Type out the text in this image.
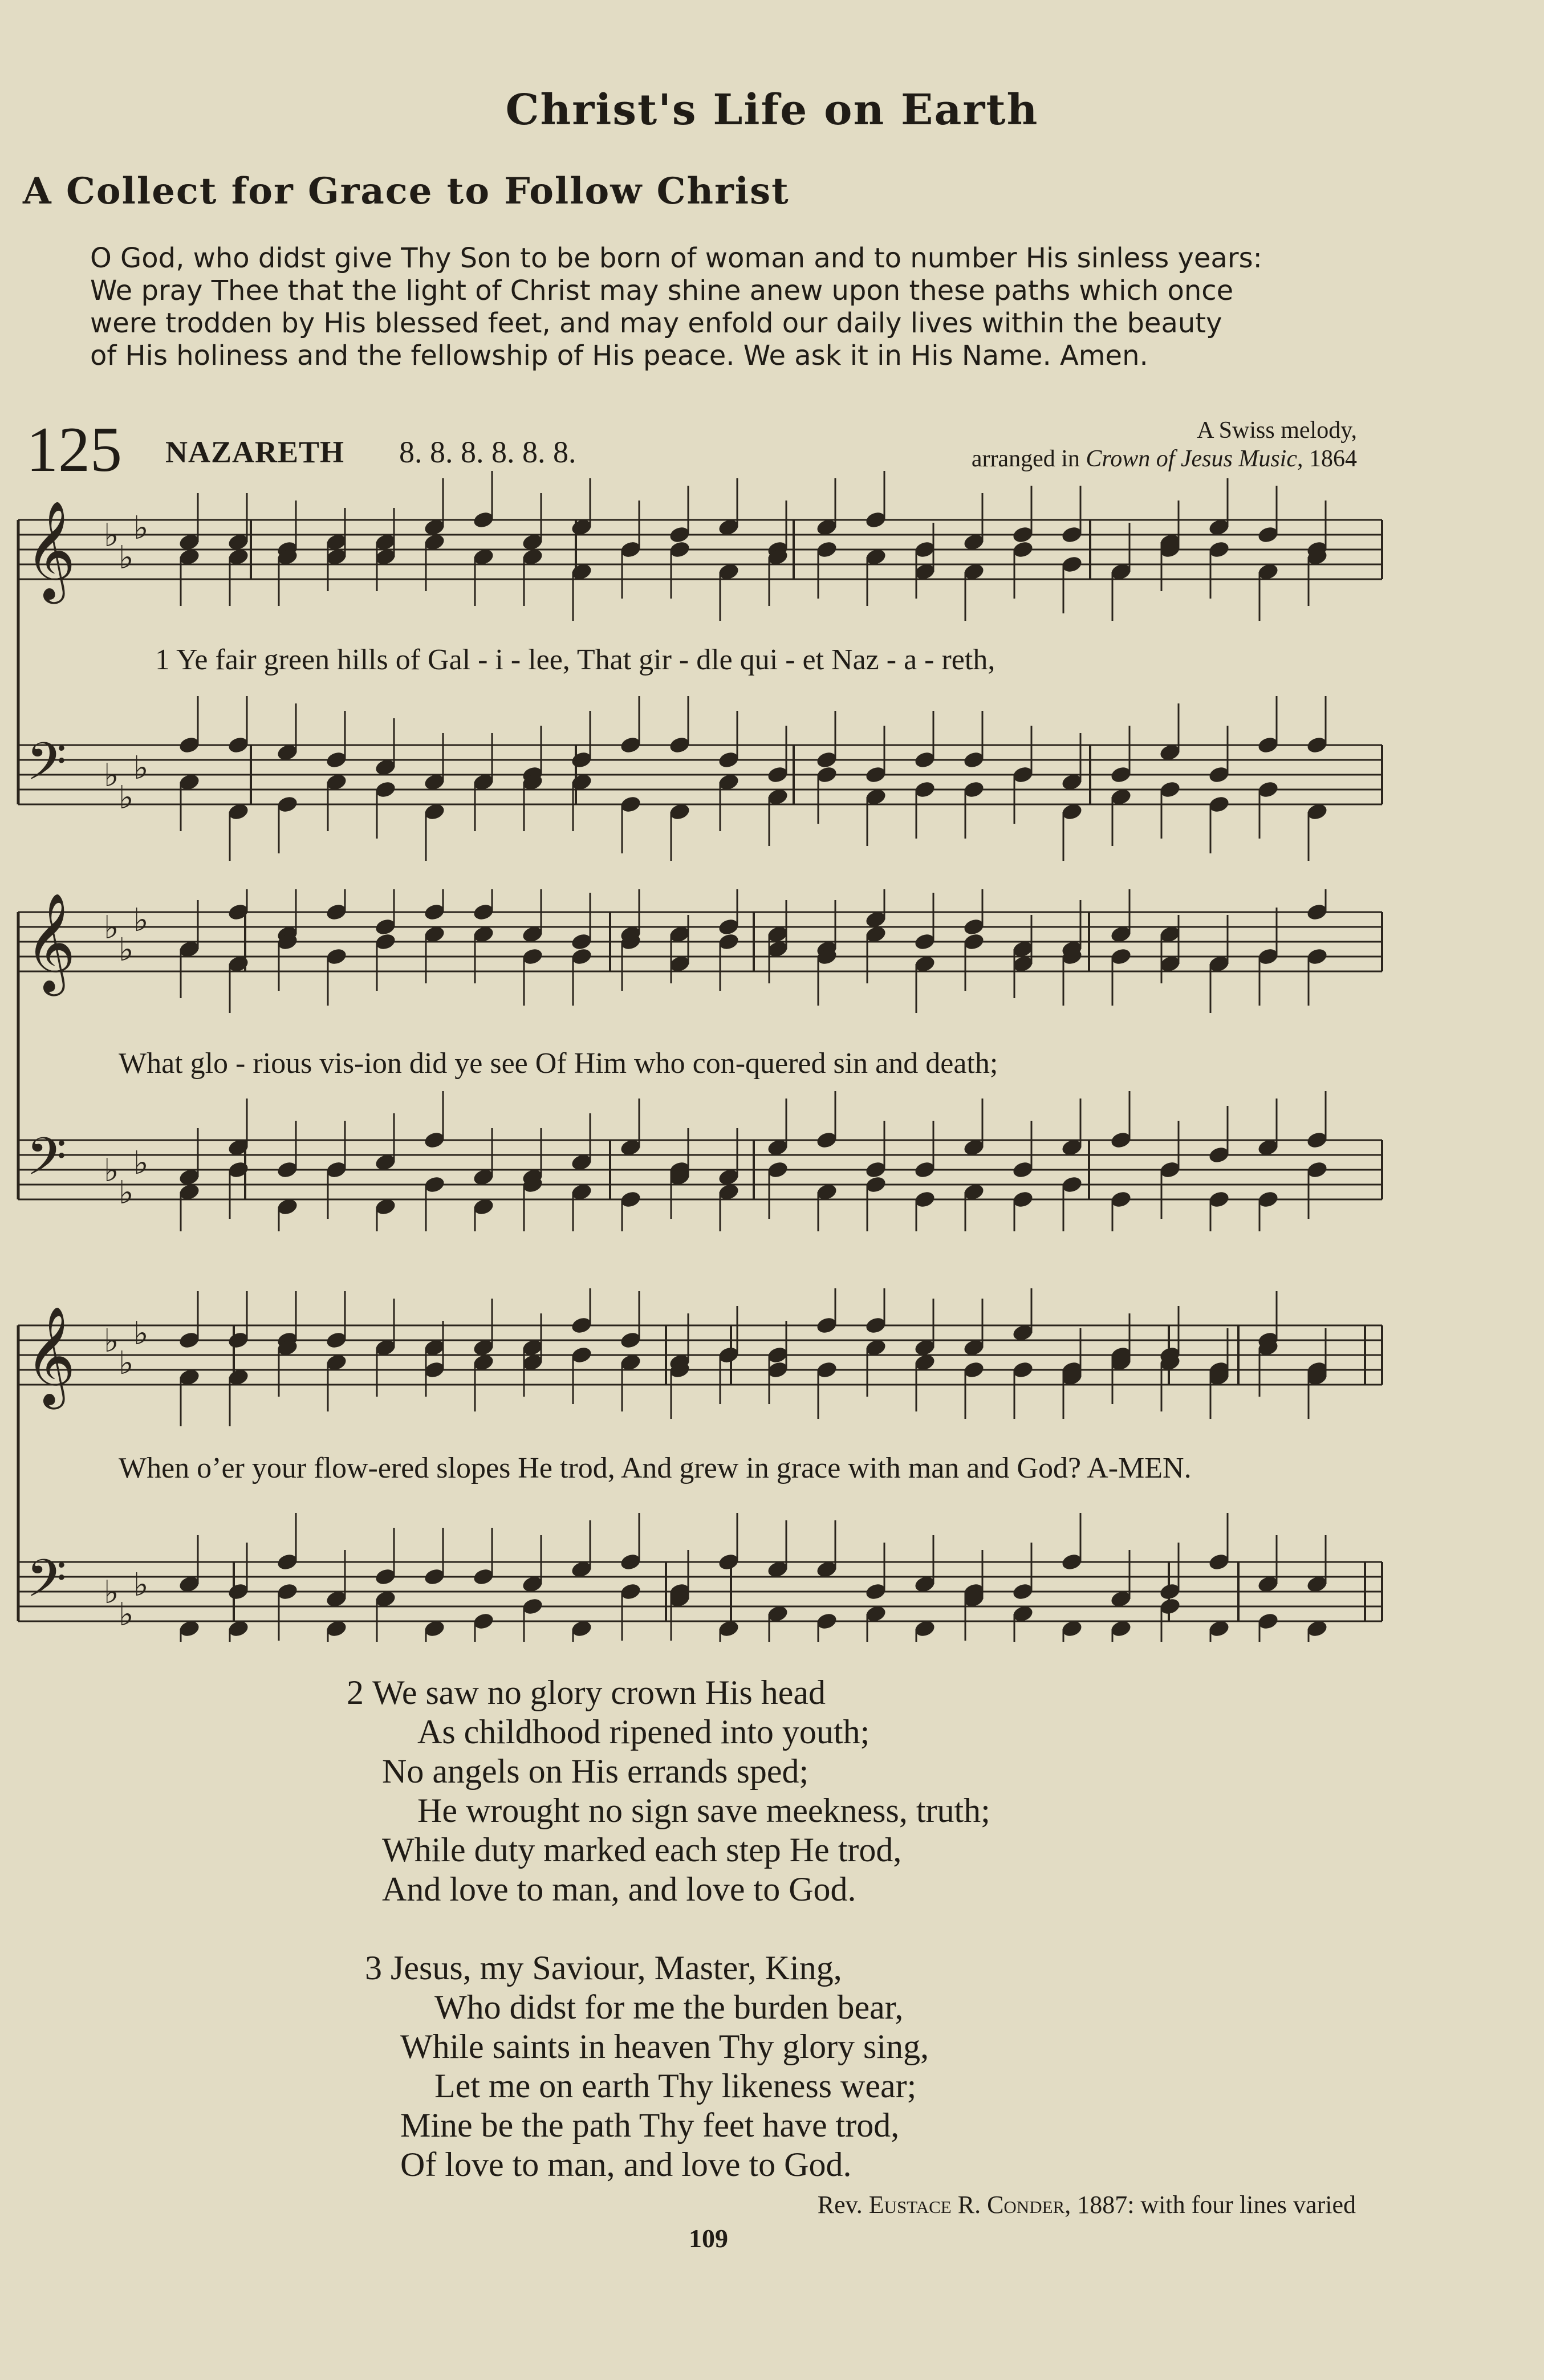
Christ's Life on Earth
A Collect for Grace to Follow Christ
O God, who didst give Thy Son to be born of woman and to number His sinless years:
We pray Thee that the light of Christ may shine anew upon these paths which once
were trodden by His blessed feet, and may enfold our daily lives within the beauty
of His holiness and the fellowship of His peace. We ask it in His Name. Amen.
125 NAZARETH 8. 8. 8. 8. 8. 8.
A Swiss melody,
arranged in Crown of Jesus Music, 1864
𝄞
𝄢
♭
♭
♭
♭
♭
♭
𝄞
𝄢
♭
♭
♭
♭
♭
♭
𝄞
𝄢
♭
♭
♭
♭
♭
♭
1 Ye fair green hills of Gal - i - lee, That gir - dle qui - et Naz - a - reth,
What glo - rious vis-ion did ye see Of Him who con-quered sin and death;
When o’er your flow-ered slopes He trod, And grew in grace with man and God? A-MEN.
2 We saw no glory crown His head
As childhood ripened into youth;
No angels on His errands sped;
He wrought no sign save meekness, truth;
While duty marked each step He trod,
And love to man, and love to God.
3 Jesus, my Saviour, Master, King,
Who didst for me the burden bear,
While saints in heaven Thy glory sing,
Let me on earth Thy likeness wear;
Mine be the path Thy feet have trod,
Of love to man, and love to God.
Rev. Eustace R. Conder, 1887: with four lines varied
109
